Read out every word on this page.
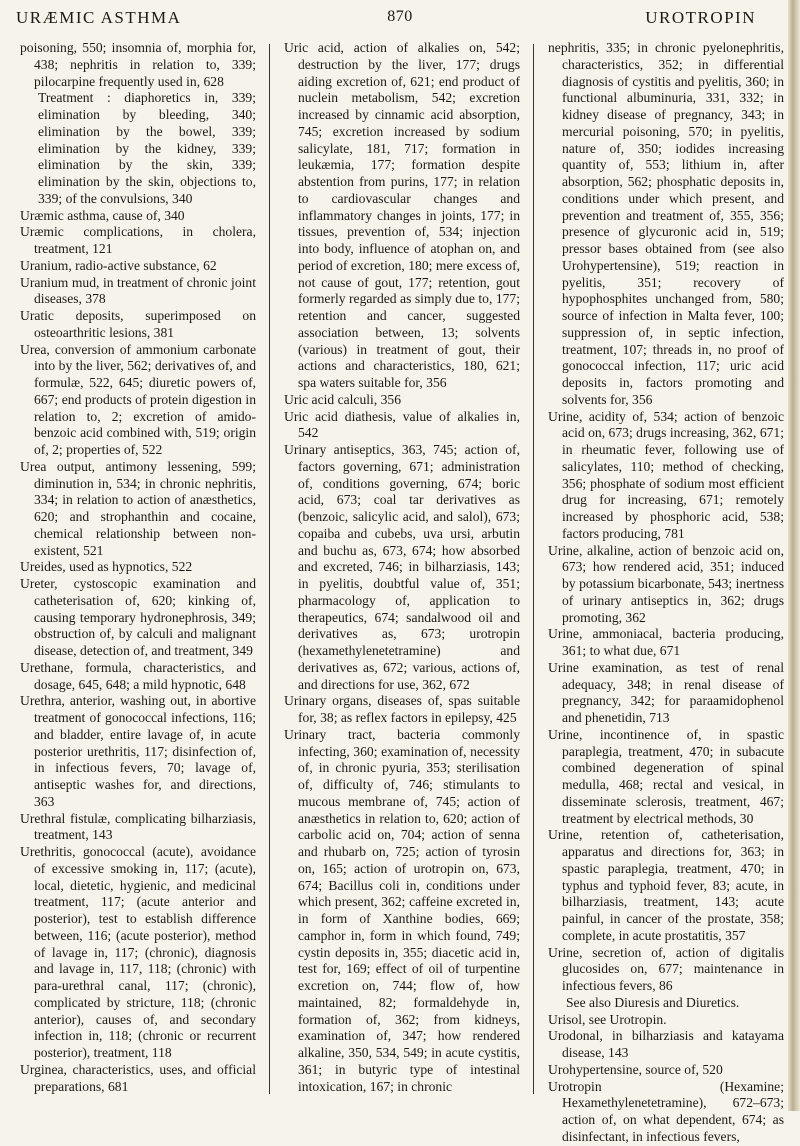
URÆMIC ASTHMA	870	UROTROPIN

poisoning, 550; insomnia of, morphia for, 438; nephritis in relation to, 339; pilocarpine frequently used in, 628

Treatment : diaphoretics in, 339; elimination by bleeding, 340; elimination by the bowel, 339; elimination by the kidney, 339; elimination by the skin, 339; elimination by the skin, objections to, 339; of the convulsions, 340

Uræmic asthma, cause of, 340

Uræmic complications, in cholera, treatment, 121

Uranium, radio-active substance, 62

Uranium mud, in treatment of chronic joint diseases, 378

Uratic deposits, superimposed on osteoarthritic lesions, 381

Urea, conversion of ammonium carbonate into by the liver, 562; derivatives of, and formulæ, 522, 645; diuretic powers of, 667; end products of protein digestion in relation to, 2; excretion of amido-benzoic acid combined with, 519; origin of, 2; properties of, 522

Urea output, antimony lessening, 599; diminution in, 534; in chronic nephritis, 334; in relation to action of anæsthetics, 620; and strophanthin and cocaine, chemical relationship between non-existent, 521

Ureides, used as hypnotics, 522

Ureter, cystoscopic examination and catheterisation of, 620; kinking of, causing temporary hydronephrosis, 349; obstruction of, by calculi and malignant disease, detection of, and treatment, 349

Urethane, formula, characteristics, and dosage, 645, 648; a mild hypnotic, 648

Urethra, anterior, washing out, in abortive treatment of gonococcal infections, 116; and bladder, entire lavage of, in acute posterior urethritis, 117; disinfection of, in infectious fevers, 70; lavage of, antiseptic washes for, and directions, 363

Urethral fistulæ, complicating bilharziasis, treatment, 143

Urethritis, gonococcal (acute), avoidance of excessive smoking in, 117; (acute), local, dietetic, hygienic, and medicinal treatment, 117; (acute anterior and posterior), test to establish difference between, 116; (acute posterior), method of lavage in, 117; (chronic), diagnosis and lavage in, 117, 118; (chronic) with para-urethral canal, 117; (chronic), complicated by stricture, 118; (chronic anterior), causes of, and secondary infection in, 118; (chronic or recurrent posterior), treatment, 118

Urginea, characteristics, uses, and official preparations, 681

Uric acid, action of alkalies on, 542; destruction by the liver, 177; drugs aiding excretion of, 621; end product of nuclein metabolism, 542; excretion increased by cinnamic acid absorption, 745; excretion increased by sodium salicylate, 181, 717; formation in leukæmia, 177; formation despite abstention from purins, 177; in relation to cardiovascular changes and inflammatory changes in joints, 177; in tissues, prevention of, 534; injection into body, influence of atophan on, and period of excretion, 180; mere excess of, not cause of gout, 177; retention, gout formerly regarded as simply due to, 177; retention and cancer, suggested association between, 13; solvents (various) in treatment of gout, their actions and characteristics, 180, 621; spa waters suitable for, 356

Uric acid calculi, 356

Uric acid diathesis, value of alkalies in, 542

Urinary antiseptics, 363, 745; action of, factors governing, 671; administration of, conditions governing, 674; boric acid, 673; coal tar derivatives as (benzoic, salicylic acid, and salol), 673; copaiba and cubebs, uva ursi, arbutin and buchu as, 673, 674; how absorbed and excreted, 746; in bilharziasis, 143; in pyelitis, doubtful value of, 351; pharmacology of, application to therapeutics, 674; sandalwood oil and derivatives as, 673; urotropin (hexamethylenetetramine) and derivatives as, 672; various, actions of, and directions for use, 362, 672

Urinary organs, diseases of, spas suitable for, 38; as reflex factors in epilepsy, 425

Urinary tract, bacteria commonly infecting, 360; examination of, necessity of, in chronic pyuria, 353; sterilisation of, difficulty of, 746; stimulants to mucous membrane of, 745; action of anæsthetics in relation to, 620; action of carbolic acid on, 704; action of senna and rhubarb on, 725; action of tyrosin on, 165; action of urotropin on, 673, 674; Bacillus coli in, conditions under which present, 362; caffeine excreted in, in form of Xanthine bodies, 669; camphor in, form in which found, 749; cystin deposits in, 355; diacetic acid in, test for, 169; effect of oil of turpentine excretion on, 744; flow of, how maintained, 82; formaldehyde in, formation of, 362; from kidneys, examination of, 347; how rendered alkaline, 350, 534, 549; in acute cystitis, 361; in butyric type of intestinal intoxication, 167; in chronic

nephritis, 335; in chronic pyelonephritis, characteristics, 352; in differential diagnosis of cystitis and pyelitis, 360; in functional albuminuria, 331, 332; in kidney disease of pregnancy, 343; in mercurial poisoning, 570; in pyelitis, nature of, 350; iodides increasing quantity of, 553; lithium in, after absorption, 562; phosphatic deposits in, conditions under which present, and prevention and treatment of, 355, 356; presence of glycuronic acid in, 519; pressor bases obtained from (see also Urohypertensine), 519; reaction in pyelitis, 351; recovery of hypophosphites unchanged from, 580; source of infection in Malta fever, 100; suppression of, in septic infection, treatment, 107; threads in, no proof of gonococcal infection, 117; uric acid deposits in, factors promoting and solvents for, 356

Urine, acidity of, 534; action of benzoic acid on, 673; drugs increasing, 362, 671; in rheumatic fever, following use of salicylates, 110; method of checking, 356; phosphate of sodium most efficient drug for increasing, 671; remotely increased by phosphoric acid, 538; factors producing, 781

Urine, alkaline, action of benzoic acid on, 673; how rendered acid, 351; induced by potassium bicarbonate, 543; inertness of urinary antiseptics in, 362; drugs promoting, 362

Urine, ammoniacal, bacteria producing, 361; to what due, 671

Urine examination, as test of renal adequacy, 348; in renal disease of pregnancy, 342; for paraamidophenol and phenetidin, 713

Urine, incontinence of, in spastic paraplegia, treatment, 470; in subacute combined degeneration of spinal medulla, 468; rectal and vesical, in disseminate sclerosis, treatment, 467; treatment by electrical methods, 30

Urine, retention of, catheterisation, apparatus and directions for, 363; in spastic paraplegia, treatment, 470; in typhus and typhoid fever, 83; acute, in bilharziasis, treatment, 143; acute painful, in cancer of the prostate, 358; complete, in acute prostatitis, 357

Urine, secretion of, action of digitalis glucosides on, 677; maintenance in infectious fevers, 86

See also Diuresis and Diuretics.

Urisol, see Urotropin.

Urodonal, in bilharziasis and katayama disease, 143

Urohypertensine, source of, 520

Urotropin (Hexamine; Hexamethylenetetramine), 672–673; action of, on what dependent, 674; as disinfectant, in infectious fevers,
